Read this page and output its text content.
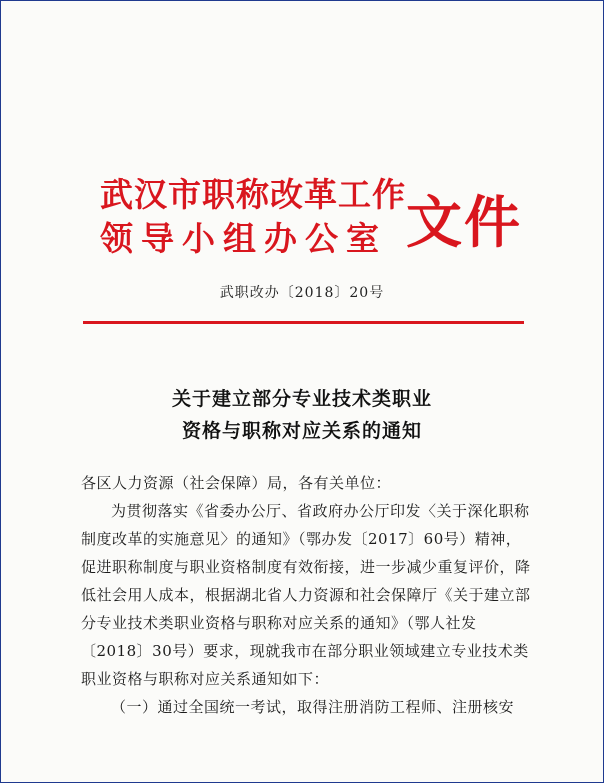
武汉市职称改革工作
领导小组办公室 文件
武职改办〔2018〕20号
关于建立部分专业技术类职业
资格与职称对应关系的通知

各区人力资源（社会保障）局，各有关单位：

为贯彻落实《省委办公厅、省政府办公厅印发〈关于深化职称制度改革的实施意见〉的通知》（鄂办发〔2017〕60号）精神，促进职称制度与职业资格制度有效衔接，进一步减少重复评价，降低社会用人成本，根据湖北省人力资源和社会保障厅《关于建立部分专业技术类职业资格与职称对应关系的通知》（鄂人社发〔2018〕30号）要求，现就我市在部分职业领域建立专业技术类职业资格与职称对应关系通知如下：

（一）通过全国统一考试，取得注册消防工程师、注册核安
